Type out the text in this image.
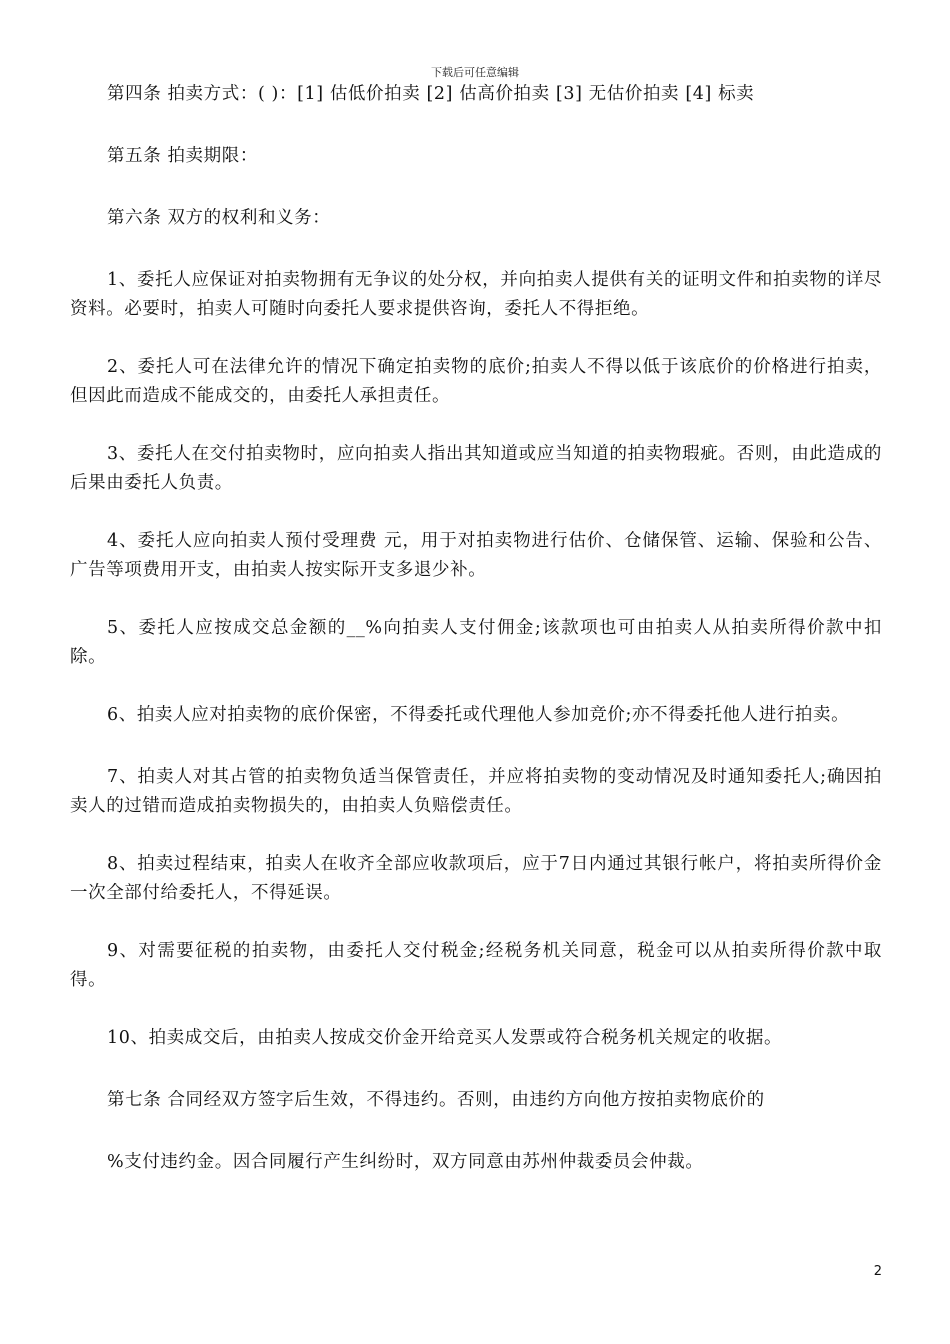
下载后可任意编辑

第四条 拍卖方式：( )：[1] 估低价拍卖 [2] 估高价拍卖 [3] 无估价拍卖 [4] 标卖

第五条 拍卖期限：

第六条 双方的权利和义务：

1、委托人应保证对拍卖物拥有无争议的处分权，并向拍卖人提供有关的证明文件和拍卖物的详尽资料。必要时，拍卖人可随时向委托人要求提供咨询，委托人不得拒绝。

2、委托人可在法律允许的情况下确定拍卖物的底价;拍卖人不得以低于该底价的价格进行拍卖，但因此而造成不能成交的，由委托人承担责任。

3、委托人在交付拍卖物时，应向拍卖人指出其知道或应当知道的拍卖物瑕疵。否则，由此造成的后果由委托人负责。

4、委托人应向拍卖人预付受理费 元，用于对拍卖物进行估价、仓储保管、运输、保验和公告、广告等项费用开支，由拍卖人按实际开支多退少补。

5、委托人应按成交总金额的__%向拍卖人支付佣金;该款项也可由拍卖人从拍卖所得价款中扣除。

6、拍卖人应对拍卖物的底价保密，不得委托或代理他人参加竞价;亦不得委托他人进行拍卖。

7、拍卖人对其占管的拍卖物负适当保管责任，并应将拍卖物的变动情况及时通知委托人;确因拍卖人的过错而造成拍卖物损失的，由拍卖人负赔偿责任。

8、拍卖过程结束，拍卖人在收齐全部应收款项后，应于7日内通过其银行帐户，将拍卖所得价金一次全部付给委托人，不得延误。

9、对需要征税的拍卖物，由委托人交付税金;经税务机关同意，税金可以从拍卖所得价款中取得。

10、拍卖成交后，由拍卖人按成交价金开给竞买人发票或符合税务机关规定的收据。

第七条 合同经双方签字后生效，不得违约。否则，由违约方向他方按拍卖物底价的

%支付违约金。因合同履行产生纠纷时，双方同意由苏州仲裁委员会仲裁。

2
